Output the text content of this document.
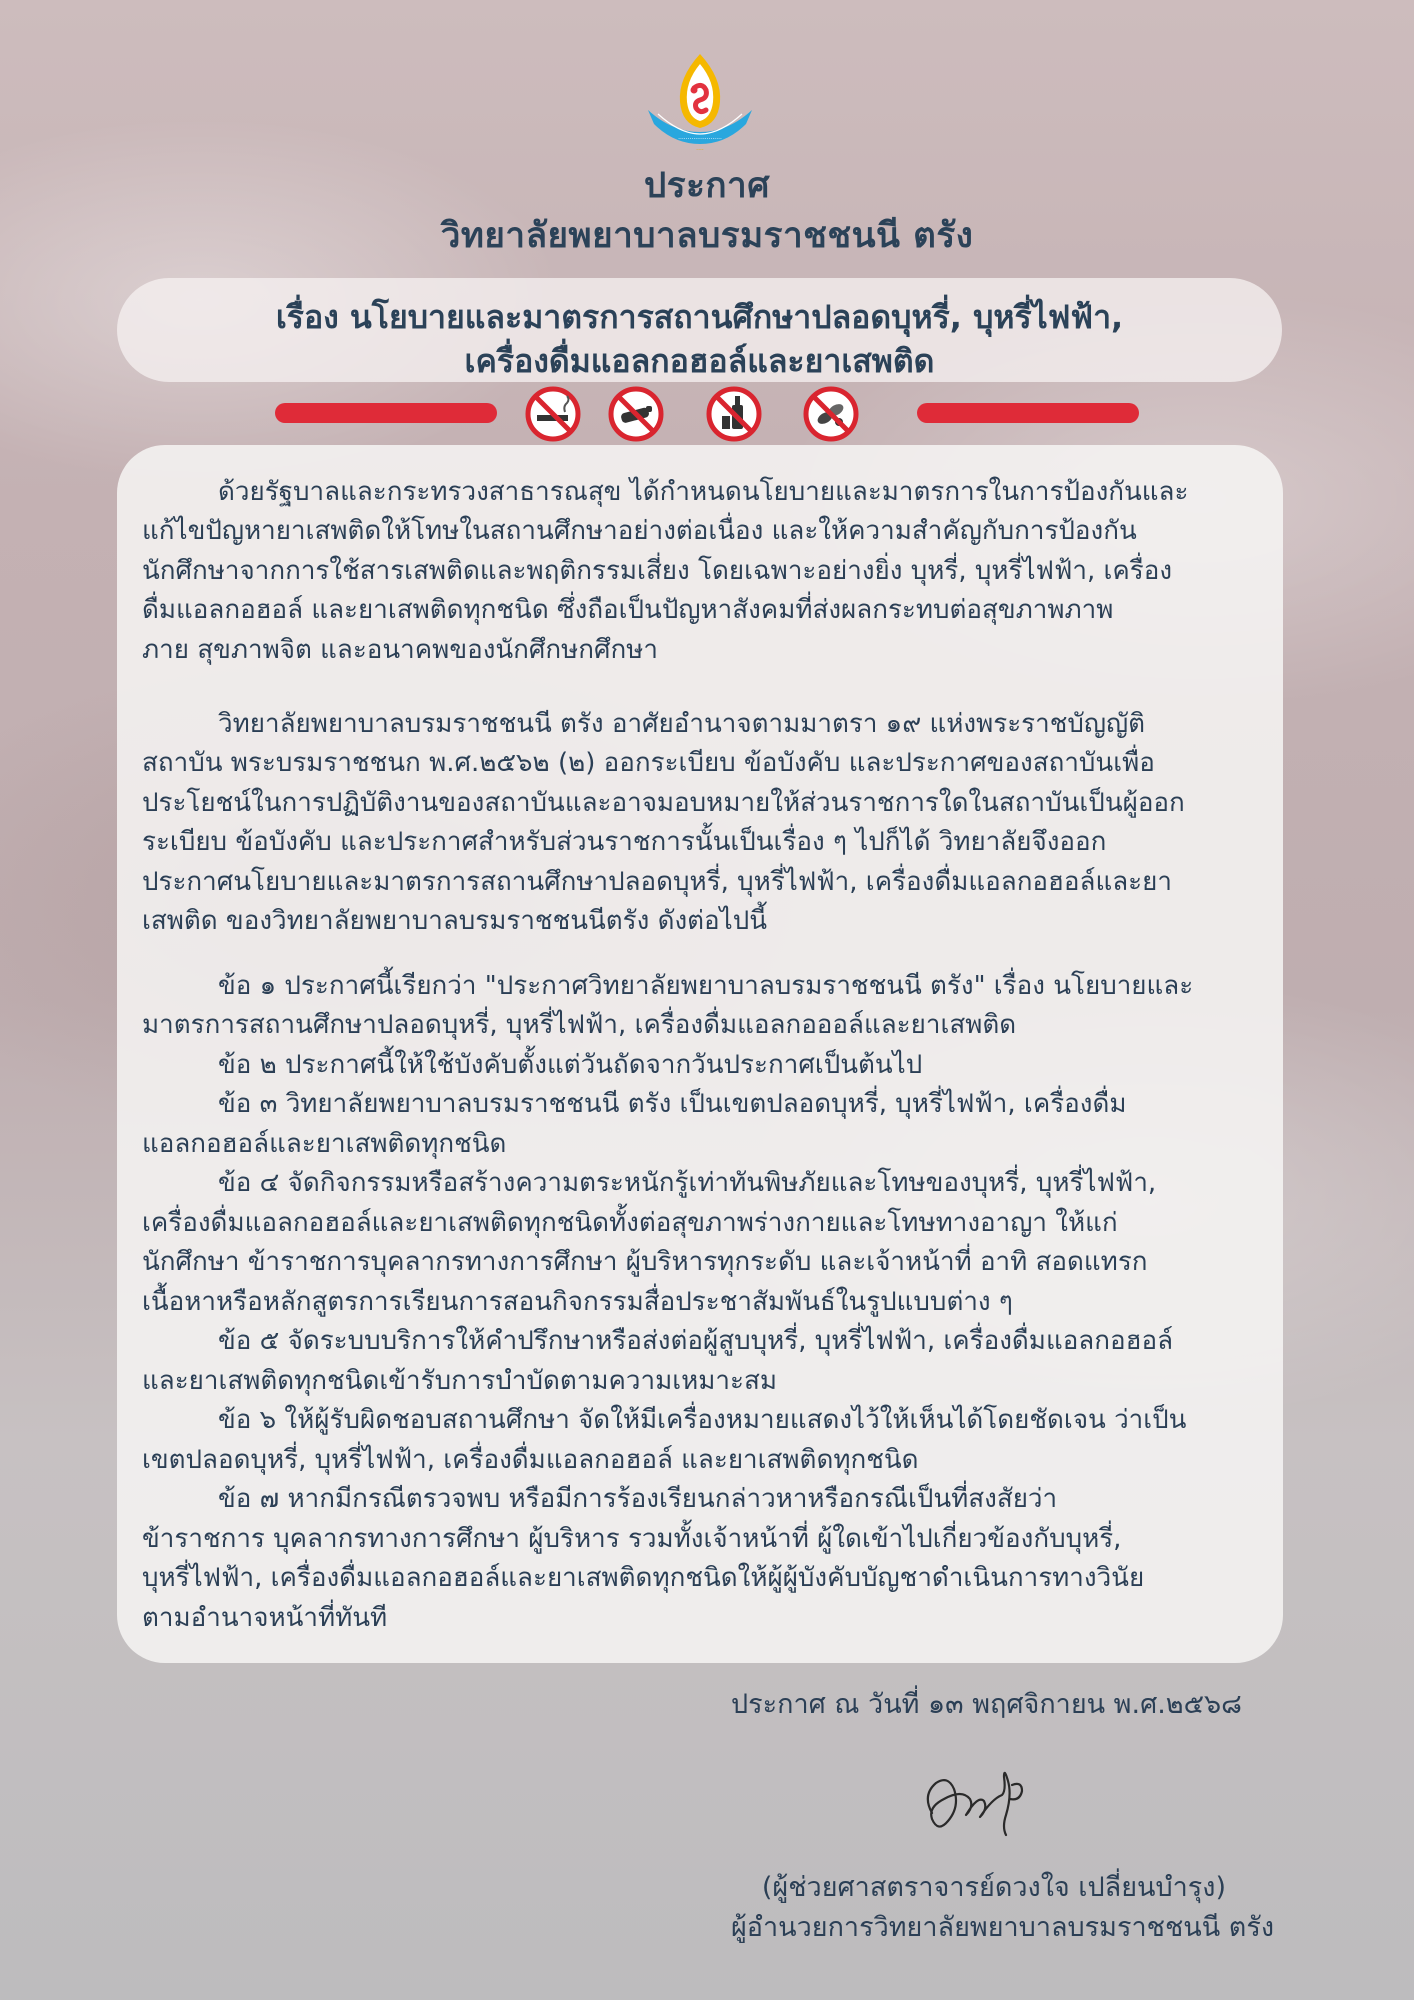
·······················
····
ประกาศ
วิทยาลัยพยาบาลบรมราชชนนี ตรัง
เรื่อง นโยบายและมาตรการสถานศึกษาปลอดบุหรี่, บุหรี่ไฟฟ้า,
เครื่องดื่มแอลกอฮอล์และยาเสพติด
ด้วยรัฐบาลและกระทรวงสาธารณสุข ได้กำหนดนโยบายและมาตรการในการป้องกันและ
แก้ไขปัญหายาเสพติดให้โทษในสถานศึกษาอย่างต่อเนื่อง และให้ความสำคัญกับการป้องกัน
นักศึกษาจากการใช้สารเสพติดและพฤติกรรมเสี่ยง โดยเฉพาะอย่างยิ่ง บุหรี่, บุหรี่ไฟฟ้า, เครื่อง
ดื่มแอลกอฮอล์ และยาเสพติดทุกชนิด ซึ่งถือเป็นปัญหาสังคมที่ส่งผลกระทบต่อสุขภาพภาพ
ภาย สุขภาพจิต และอนาคพของนักศึกษกศึกษา
วิทยาลัยพยาบาลบรมราชชนนี ตรัง อาศัยอำนาจตามมาตรา ๑๙ แห่งพระราชบัญญัติ
สถาบัน พระบรมราชชนก พ.ศ.๒๕๖๒ (๒) ออกระเบียบ ข้อบังคับ และประกาศของสถาบันเพื่อ
ประโยชน์ในการปฏิบัติงานของสถาบันและอาจมอบหมายให้ส่วนราชการใดในสถาบันเป็นผู้ออก
ระเบียบ ข้อบังคับ และประกาศสำหรับส่วนราชการนั้นเป็นเรื่อง ๆ ไปก็ได้ วิทยาลัยจึงออก
ประกาศนโยบายและมาตรการสถานศึกษาปลอดบุหรี่, บุหรี่ไฟฟ้า, เครื่องดื่มแอลกอฮอล์และยา
เสพติด ของวิทยาลัยพยาบาลบรมราชชนนีตรัง ดังต่อไปนี้
ข้อ ๑ ประกาศนี้เรียกว่า "ประกาศวิทยาลัยพยาบาลบรมราชชนนี ตรัง" เรื่อง นโยบายและ
มาตรการสถานศึกษาปลอดบุหรี่, บุหรี่ไฟฟ้า, เครื่องดื่มแอลกอออล์และยาเสพติด
ข้อ ๒ ประกาศนี้ให้ใช้บังคับตั้งแต่วันถัดจากวันประกาศเป็นต้นไป
ข้อ ๓ วิทยาลัยพยาบาลบรมราชชนนี ตรัง เป็นเขตปลอดบุหรี่, บุหรี่ไฟฟ้า, เครื่องดื่ม
แอลกอฮอล์และยาเสพติดทุกชนิด
ข้อ ๔ จัดกิจกรรมหรือสร้างความตระหนักรู้เท่าทันพิษภัยและโทษของบุหรี่, บุหรี่ไฟฟ้า,
เครื่องดื่มแอลกอฮอล์และยาเสพติดทุกชนิดทั้งต่อสุขภาพร่างกายและโทษทางอาญา ให้แก่
นักศึกษา ข้าราชการบุคลากรทางการศึกษา ผู้บริหารทุกระดับ และเจ้าหน้าที่ อาทิ สอดแทรก
เนื้อหาหรือหลักสูตรการเรียนการสอนกิจกรรมสื่อประชาสัมพันธ์ในรูปแบบต่าง ๆ
ข้อ ๕ จัดระบบบริการให้คำปรึกษาหรือส่งต่อผู้สูบบุหรี่, บุหรี่ไฟฟ้า, เครื่องดื่มแอลกอฮอล์
และยาเสพติดทุกชนิดเข้ารับการบำบัดตามความเหมาะสม
ข้อ ๖ ให้ผู้รับผิดชอบสถานศึกษา จัดให้มีเครื่องหมายแสดงไว้ให้เห็นได้โดยชัดเจน ว่าเป็น
เขตปลอดบุหรี่, บุหรี่ไฟฟ้า, เครื่องดื่มแอลกอฮอล์ และยาเสพติดทุกชนิด
ข้อ ๗ หากมีกรณีตรวจพบ หรือมีการร้องเรียนกล่าวหาหรือกรณีเป็นที่สงสัยว่า
ข้าราชการ บุคลากรทางการศึกษา ผู้บริหาร รวมทั้งเจ้าหน้าที่ ผู้ใดเข้าไปเกี่ยวข้องกับบุหรี่,
บุหรี่ไฟฟ้า, เครื่องดื่มแอลกอฮอล์และยาเสพติดทุกชนิดให้ผู้ผู้บังคับบัญชาดำเนินการทางวินัย
ตามอำนาจหน้าที่ทันที
ประกาศ ณ วันที่ ๑๓ พฤศจิกายน พ.ศ.๒๕๖๘
(ผู้ช่วยศาสตราจารย์ดวงใจ เปลี่ยนบำรุง)
ผู้อำนวยการวิทยาลัยพยาบาลบรมราชชนนี ตรัง
